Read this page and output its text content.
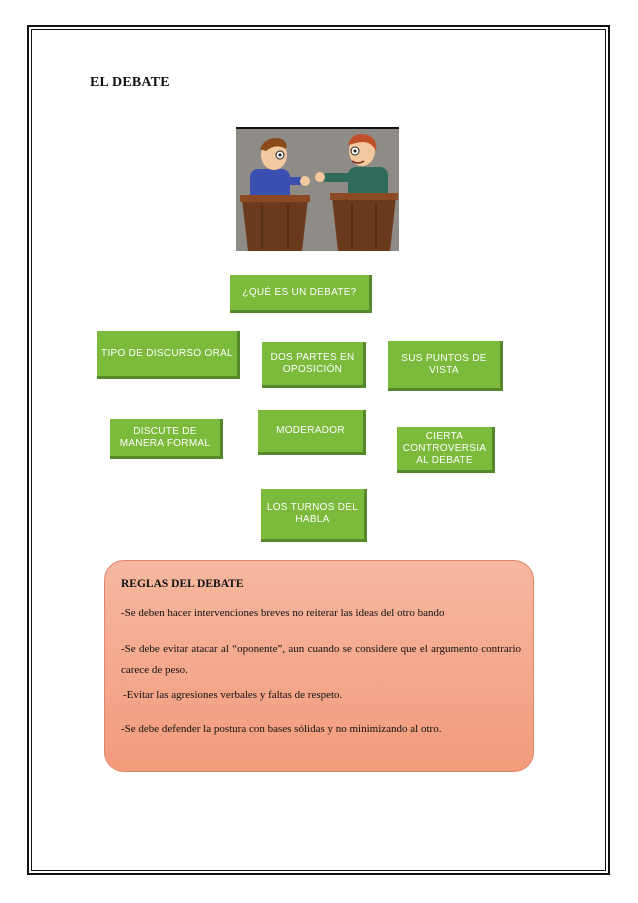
EL DEBATE
¿QUÉ ES UN DEBATE?
TIPO DE DISCURSO ORAL	DOS PARTES EN
OPOSICIÓN
SUS PUNTOS DE
VISTA
DISCUTE DE
MANERA FORMAL
MODERADOR	CIERTA
CONTROVERSIA
AL DEBATE
LOS TURNOS DEL
HABLA
REGLAS DEL DEBATE
-Se deben hacer intervenciones breves no reiterar las ideas del otro bando
-Se debe evitar atacar al “oponente”, aun cuando se considere que el argumento contrario carece de peso.
-Evitar las agresiones verbales y faltas de respeto.
-Se debe defender la postura con bases sólidas y no minimizando al otro.
